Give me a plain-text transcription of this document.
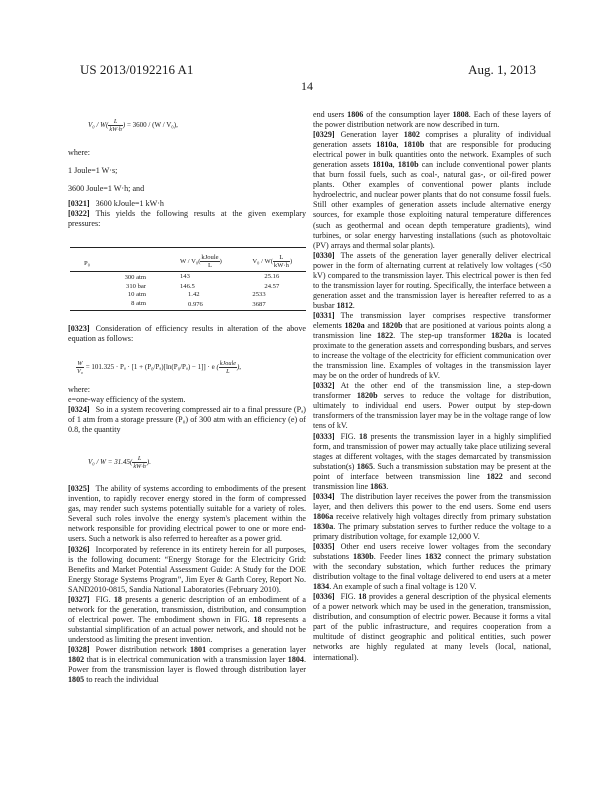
US 2013/0192216 A1	Aug. 1, 2013
14

$V_0 / W( \frac{L}{kW\cdot h}$ ) = 3600 / (W / V₀),

where:

1 Joule=1 W·s;

3600 Joule=1 W·h; and

[0321] 3600 kJoule=1 kW·h

[0322] This yields the following results at the given exemplary pressures:

P₀	W / $V_0( \frac{\text{kJoule}}{L}$ )	$V_0 / W( \frac{L}{kW\cdot h}$ )
300 atm	143	25.16
310 bar	146.5	24.57
10 atm	1.42	2533
8 atm	0.976	3687

[0323] Consideration of efficiency results in alteration of the above equation as follows:

$\frac{W}{\text{V₀}} = 101.325 \cdot P_a \cdot [1 + (P_0/P_a)[\ln(P_0/P_a) - 1]] \cdot e$ ( $\frac{\text{kJoule}}{L}$ ),

where:

e=one-way efficiency of the system.

[0324] So in a system recovering compressed air to a final pressure (Pₐ) of 1 atm from a storage pressure (P₀) of 300 atm with an efficiency (e) of 0.8, the quantity

$V_0 / W = 31.45( \frac{L}{kW\cdot h}$ ).

[0325] The ability of systems according to embodiments of the present invention, to rapidly recover energy stored in the form of compressed gas, may render such systems potentially suitable for a variety of roles. Several such roles involve the energy system's placement within the network responsible for providing electrical power to one or more end-users. Such a network is also referred to hereafter as a power grid.

[0326] Incorporated by reference in its entirety herein for all purposes, is the following document: “Energy Storage for the Electricity Grid: Benefits and Market Potential Assessment Guide: A Study for the DOE Energy Storage Systems Program”, Jim Eyer & Garth Corey, Report No. SAND2010-0815, Sandia National Laboratories (February 2010).

[0327] FIG. 18 presents a generic description of an embodiment of a network for the generation, transmission, distribution, and consumption of electrical power. The embodiment shown in FIG. 18 represents a substantial simplification of an actual power network, and should not be understood as limiting the present invention.

[0328] Power distribution network 1801 comprises a generation layer 1802 that is in electrical communication with a transmission layer 1804. Power from the transmission layer is flowed through distribution layer 1805 to reach the individual

end users 1806 of the consumption layer 1808. Each of these layers of the power distribution network are now described in turn.

[0329] Generation layer 1802 comprises a plurality of individual generation assets 1810a, 1810b that are responsible for producing electrical power in bulk quantities onto the network. Examples of such generation assets 1810a, 1810b can include conventional power plants that burn fossil fuels, such as coal-, natural gas-, or oil-fired power plants. Other examples of conventional power plants include hydroelectric, and nuclear power plants that do not consume fossil fuels. Still other examples of generation assets include alternative energy sources, for example those exploiting natural temperature differences (such as geothermal and ocean depth temperature gradients), wind turbines, or solar energy harvesting installations (such as photovoltaic (PV) arrays and thermal solar plants).

[0330] The assets of the generation layer generally deliver electrical power in the form of alternating current at relatively low voltages (<50 kV) compared to the transmission layer. This electrical power is then fed to the transmission layer for routing. Specifically, the interface between a generation asset and the transmission layer is hereafter referred to as a busbar 1812.

[0331] The transmission layer comprises respective transformer elements 1820a and 1820b that are positioned at various points along a transmission line 1822. The step-up transformer 1820a is located proximate to the generation assets and corresponding busbars, and serves to increase the voltage of the electricity for efficient communication over the transmission line. Examples of voltages in the transmission layer may be on the order of hundreds of kV.

[0332] At the other end of the transmission line, a step-down transformer 1820b serves to reduce the voltage for distribution, ultimately to individual end users. Power output by step-down transformers of the transmission layer may be in the voltage range of low tens of kV.

[0333] FIG. 18 presents the transmission layer in a highly simplified form, and transmission of power may actually take place utilizing several stages at different voltages, with the stages demarcated by transmission substation(s) 1865. Such a transmission substation may be present at the point of interface between transmission line 1822 and second transmission line 1863.

[0334] The distribution layer receives the power from the transmission layer, and then delivers this power to the end users. Some end users 1806a receive relatively high voltages directly from primary substation 1830a. The primary substation serves to further reduce the voltage to a primary distribution voltage, for example 12,000 V.

[0335] Other end users receive lower voltages from the secondary substations 1830b. Feeder lines 1832 connect the primary substation with the secondary substation, which further reduces the primary distribution voltage to the final voltage delivered to end users at a meter 1834. An example of such a final voltage is 120 V.

[0336] FIG. 18 provides a general description of the physical elements of a power network which may be used in the generation, transmission, distribution, and consumption of electric power. Because it forms a vital part of the public infrastructure, and requires cooperation from a multitude of distinct geographic and political entities, such power networks are highly regulated at many levels (local, national, international).
